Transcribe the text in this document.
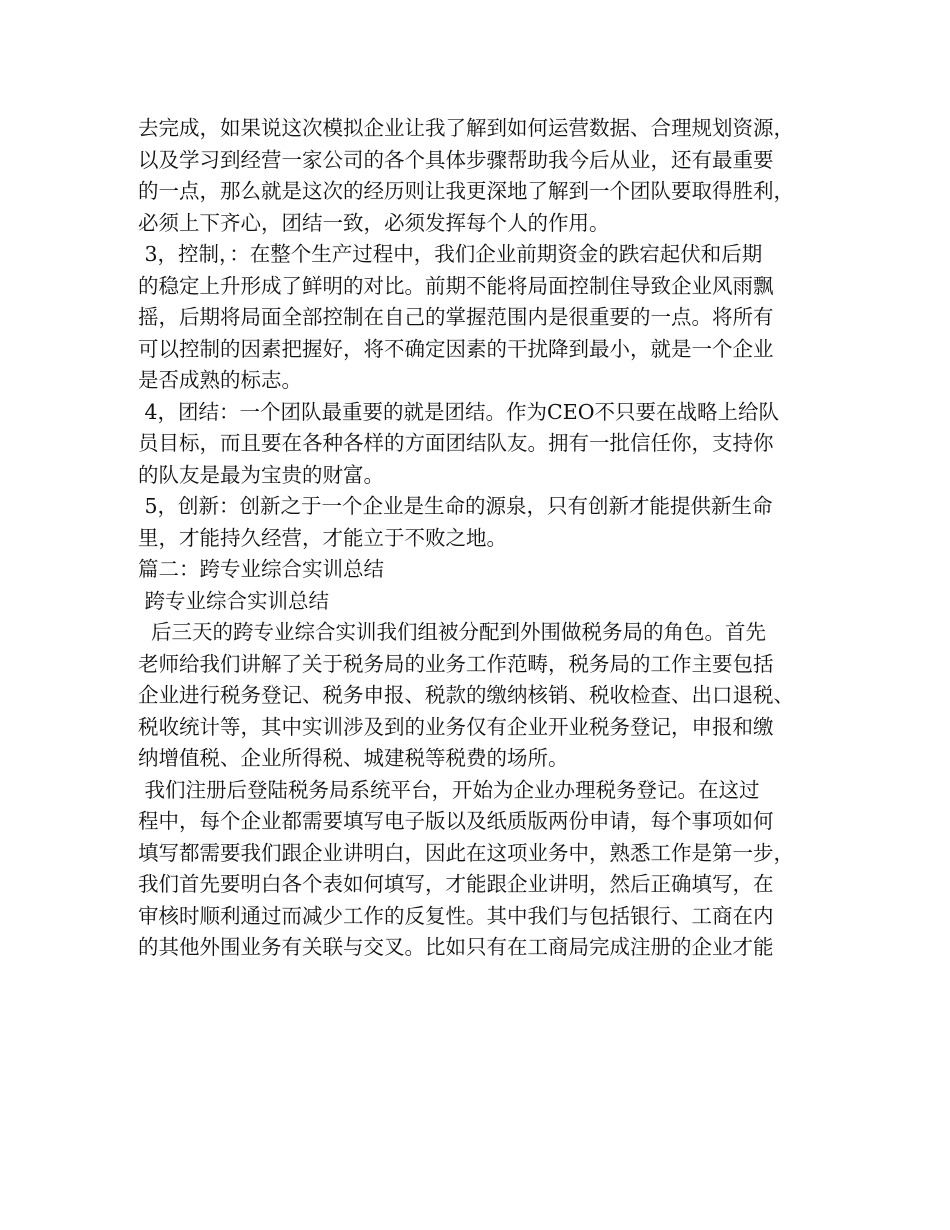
去完成，如果说这次模拟企业让我了解到如何运营数据、合理规划资源，
以及学习到经营一家公司的各个具体步骤帮助我今后从业，还有最重要
的一点，那么就是这次的经历则让我更深地了解到一个团队要取得胜利，
必须上下齐心，团结一致，必须发挥每个人的作用。
3，控制，：在整个生产过程中，我们企业前期资金的跌宕起伏和后期
的稳定上升形成了鲜明的对比。前期不能将局面控制住导致企业风雨飘
摇，后期将局面全部控制在自己的掌握范围内是很重要的一点。将所有
可以控制的因素把握好，将不确定因素的干扰降到最小，就是一个企业
是否成熟的标志。
4，团结：一个团队最重要的就是团结。作为CEO不只要在战略上给队
员目标，而且要在各种各样的方面团结队友。拥有一批信任你，支持你
的队友是最为宝贵的财富。
5，创新：创新之于一个企业是生命的源泉，只有创新才能提供新生命
里，才能持久经营，才能立于不败之地。
篇二：跨专业综合实训总结
跨专业综合实训总结
后三天的跨专业综合实训我们组被分配到外围做税务局的角色。首先
老师给我们讲解了关于税务局的业务工作范畴，税务局的工作主要包括
企业进行税务登记、税务申报、税款的缴纳核销、税收检查、出口退税、
税收统计等，其中实训涉及到的业务仅有企业开业税务登记，申报和缴
纳增值税、企业所得税、城建税等税费的场所。
我们注册后登陆税务局系统平台，开始为企业办理税务登记。在这过
程中，每个企业都需要填写电子版以及纸质版两份申请，每个事项如何
填写都需要我们跟企业讲明白，因此在这项业务中，熟悉工作是第一步，
我们首先要明白各个表如何填写，才能跟企业讲明，然后正确填写，在
审核时顺利通过而减少工作的反复性。其中我们与包括银行、工商在内
的其他外围业务有关联与交叉。比如只有在工商局完成注册的企业才能
